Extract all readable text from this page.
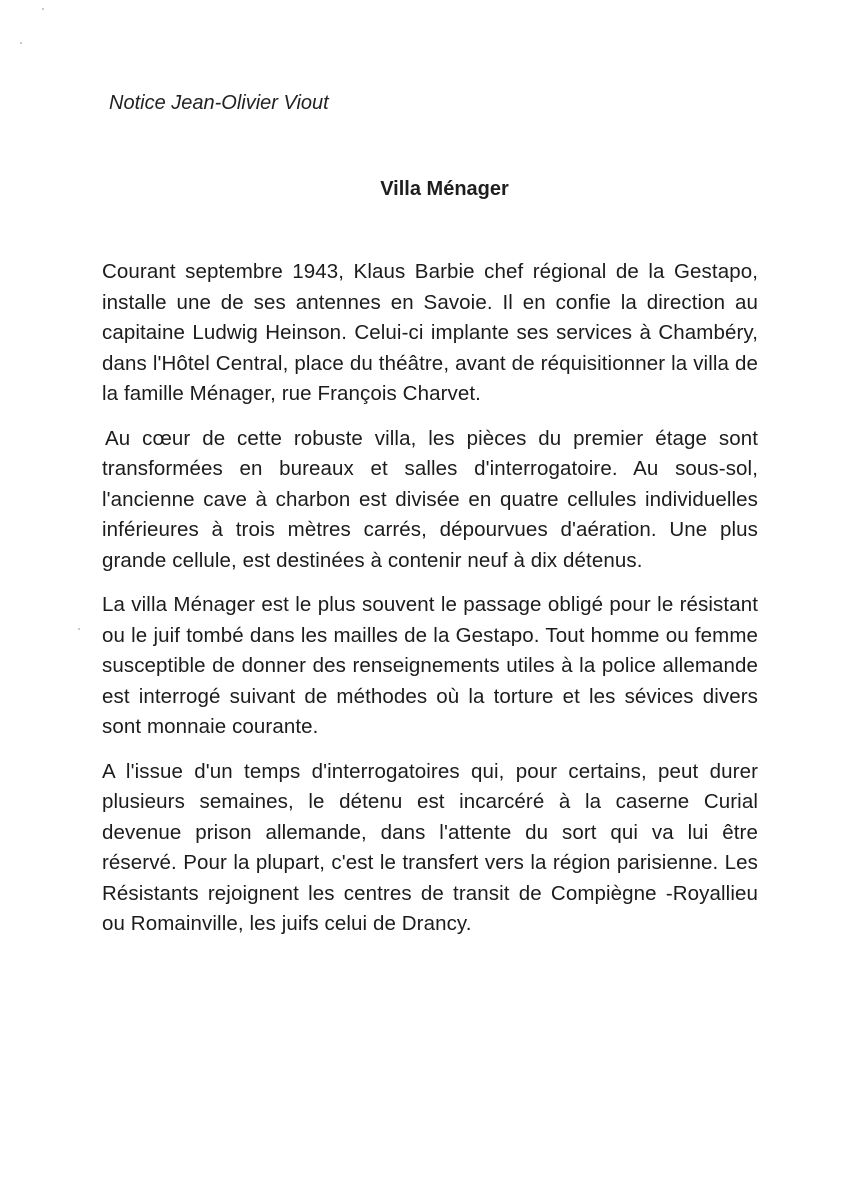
Notice Jean-Olivier Viout

Villa Ménager

Courant septembre 1943, Klaus Barbie chef régional de la Gestapo, installe une de ses antennes en Savoie. Il en confie la direction au capitaine Ludwig Heinson. Celui-ci implante ses services à Chambéry, dans l'Hôtel Central, place du théâtre, avant de réquisitionner la villa de la famille Ménager, rue François Charvet.

Au cœur de cette robuste villa, les pièces du premier étage sont transformées en bureaux et salles d'interrogatoire. Au sous-sol, l'ancienne cave à charbon est divisée en quatre cellules individuelles inférieures à trois mètres carrés, dépourvues d'aération. Une plus grande cellule, est destinées à contenir neuf à dix détenus.

La villa Ménager est le plus souvent le passage obligé pour le résistant ou le juif tombé dans les mailles de la Gestapo. Tout homme ou femme susceptible de donner des renseignements utiles à la police allemande est interrogé suivant de méthodes où la torture et les sévices divers sont monnaie courante.

A l'issue d'un temps d'interrogatoires qui, pour certains, peut durer plusieurs semaines, le détenu est incarcéré à la caserne Curial devenue prison allemande, dans l'attente du sort qui va lui être réservé. Pour la plupart, c'est le transfert vers la région parisienne. Les Résistants rejoignent les centres de transit de Compiègne -Royallieu ou Romainville, les juifs celui de Drancy.
